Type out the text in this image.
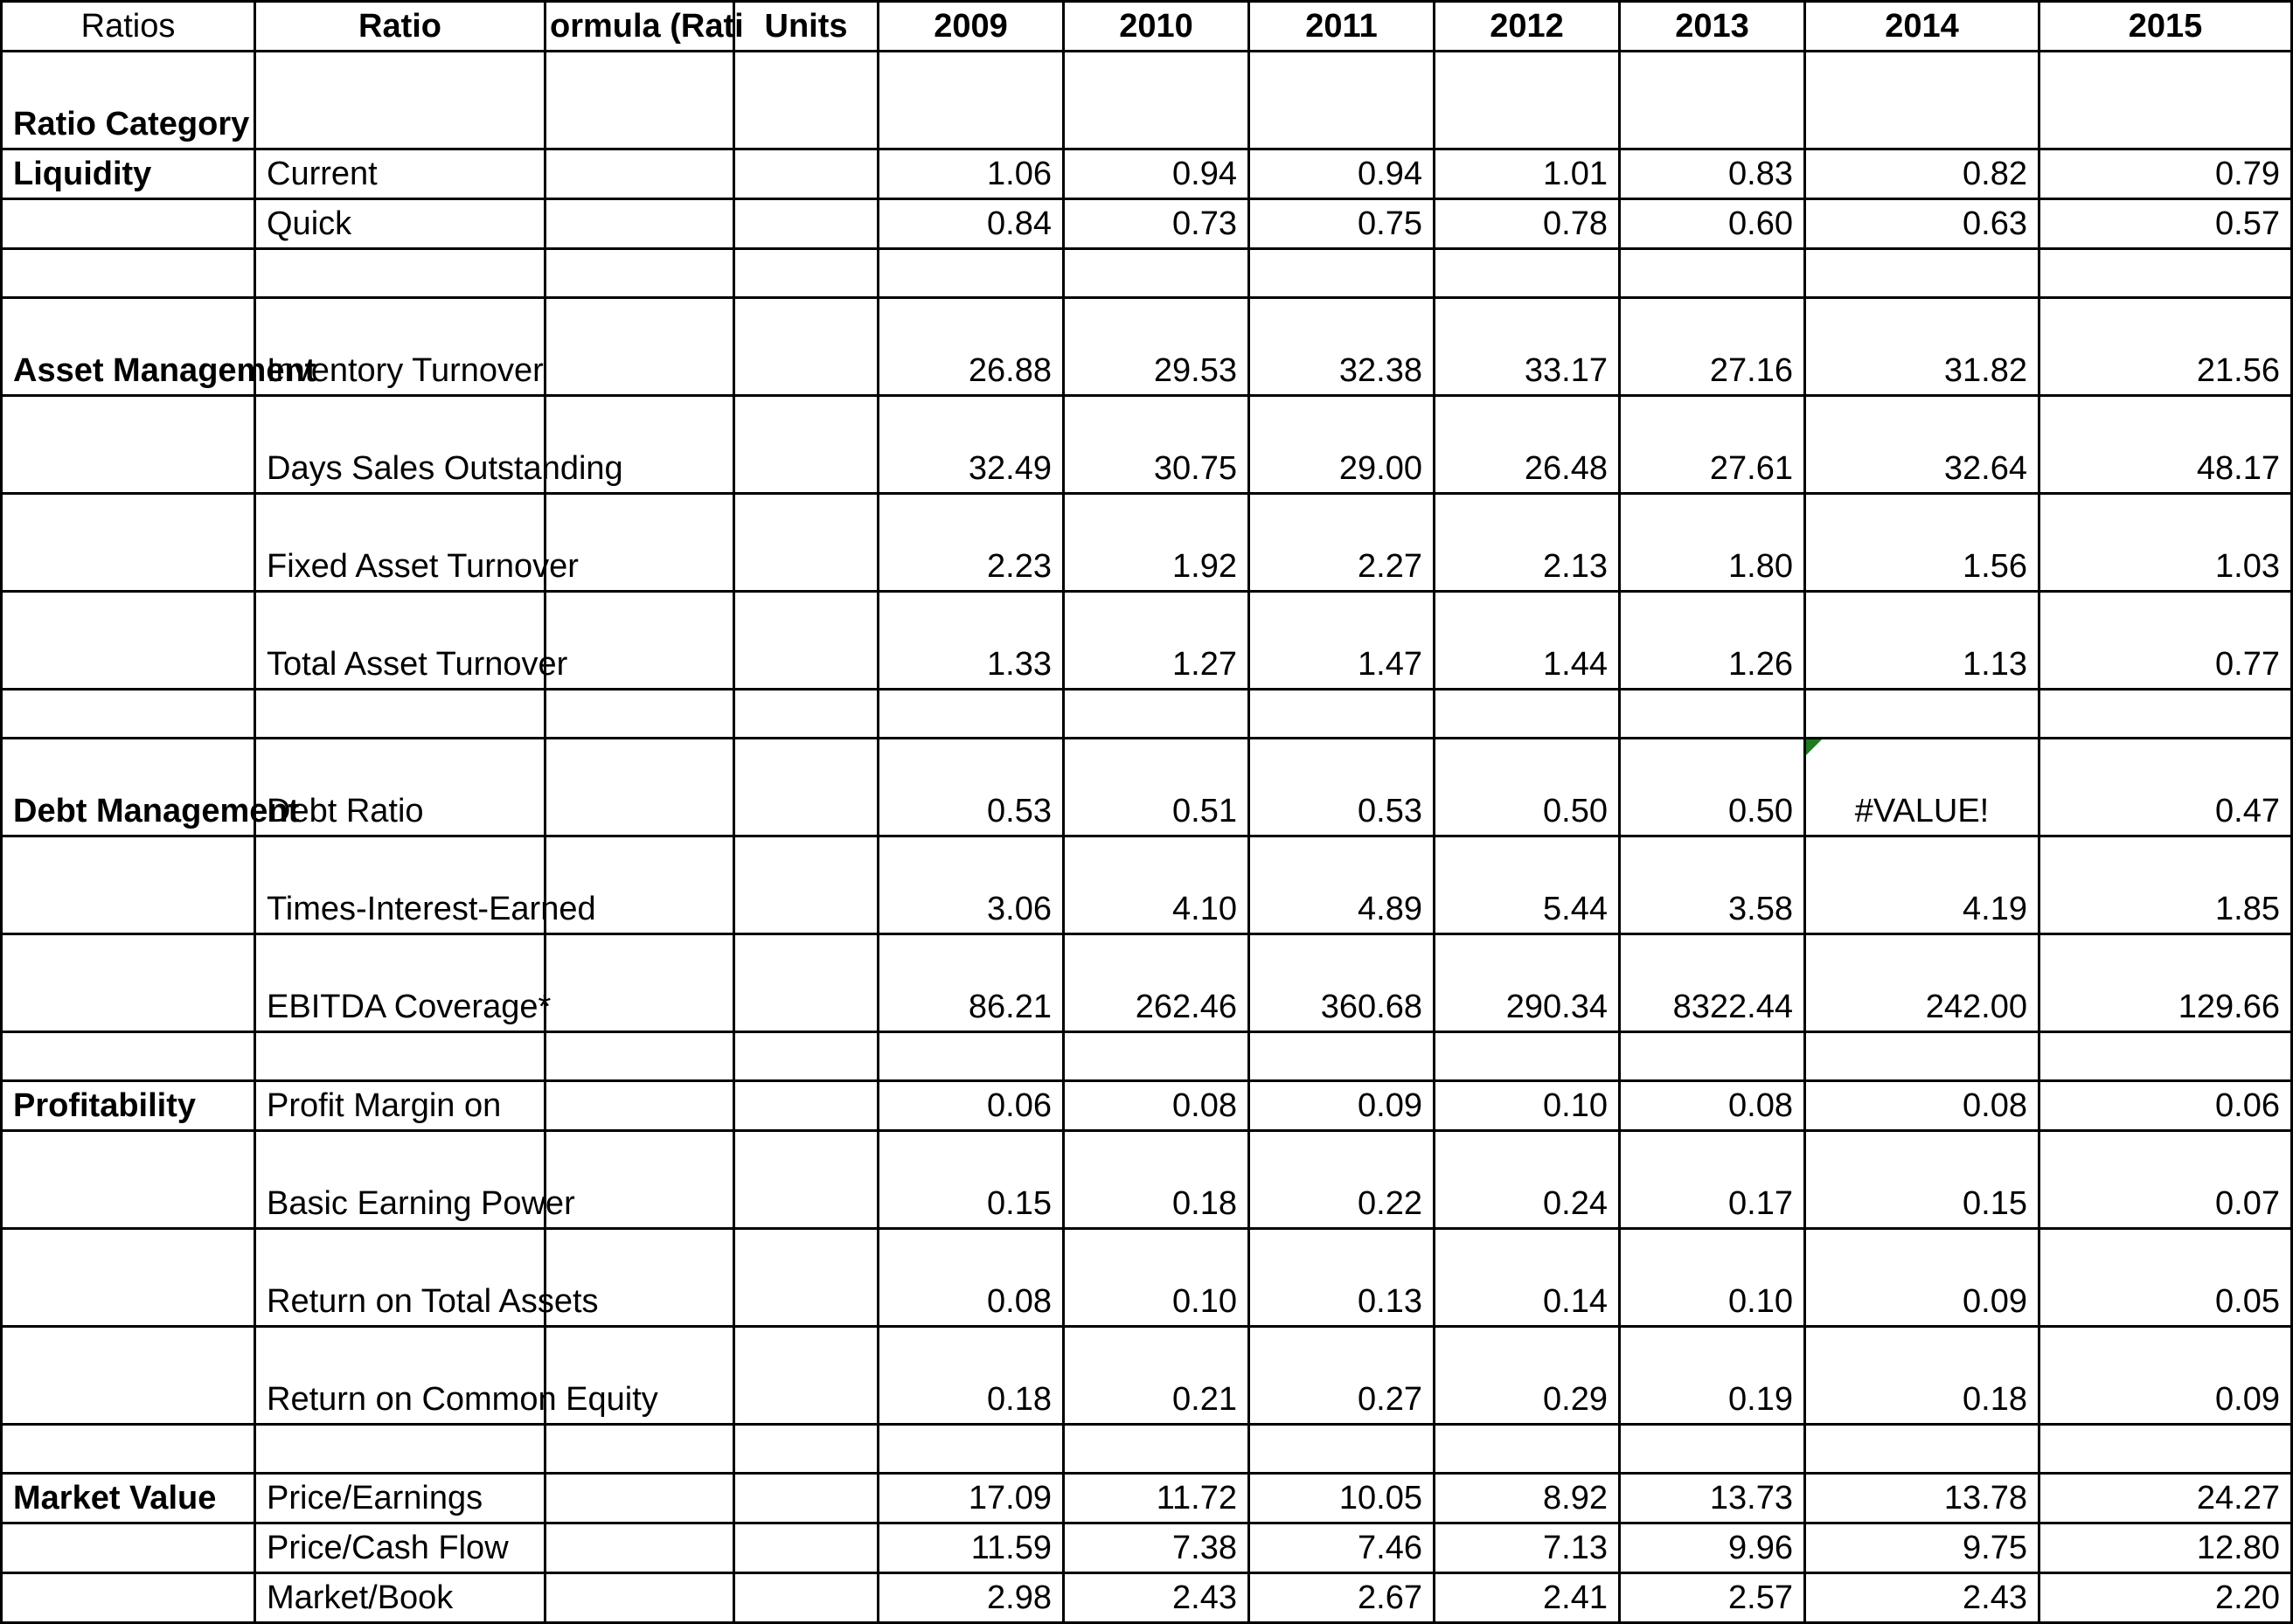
Ratios	Ratio	ormula (Rati	Units	2009	2010	2011	2012	2013	2014	2015
Ratio Category										
Liquidity	Current			1.06	0.94	0.94	1.01	0.83	0.82	0.79
	Quick			0.84	0.73	0.75	0.78	0.60	0.63	0.57

Asset Management	Inventory Turnover			26.88	29.53	32.38	33.17	27.16	31.82	21.56
	Days Sales Outstanding			32.49	30.75	29.00	26.48	27.61	32.64	48.17
	Fixed Asset Turnover			2.23	1.92	2.27	2.13	1.80	1.56	1.03
	Total Asset Turnover			1.33	1.27	1.47	1.44	1.26	1.13	0.77

Debt Management	Debt Ratio			0.53	0.51	0.53	0.50	0.50	#VALUE!	0.47
	Times-Interest-Earned			3.06	4.10	4.89	5.44	3.58	4.19	1.85
	EBITDA Coverage*			86.21	262.46	360.68	290.34	8322.44	242.00	129.66

Profitability	Profit Margin on			0.06	0.08	0.09	0.10	0.08	0.08	0.06
	Basic Earning Power			0.15	0.18	0.22	0.24	0.17	0.15	0.07
	Return on Total Assets			0.08	0.10	0.13	0.14	0.10	0.09	0.05
	Return on Common Equity			0.18	0.21	0.27	0.29	0.19	0.18	0.09

Market Value	Price/Earnings			17.09	11.72	10.05	8.92	13.73	13.78	24.27
	Price/Cash Flow			11.59	7.38	7.46	7.13	9.96	9.75	12.80
	Market/Book			2.98	2.43	2.67	2.41	2.57	2.43	2.20
